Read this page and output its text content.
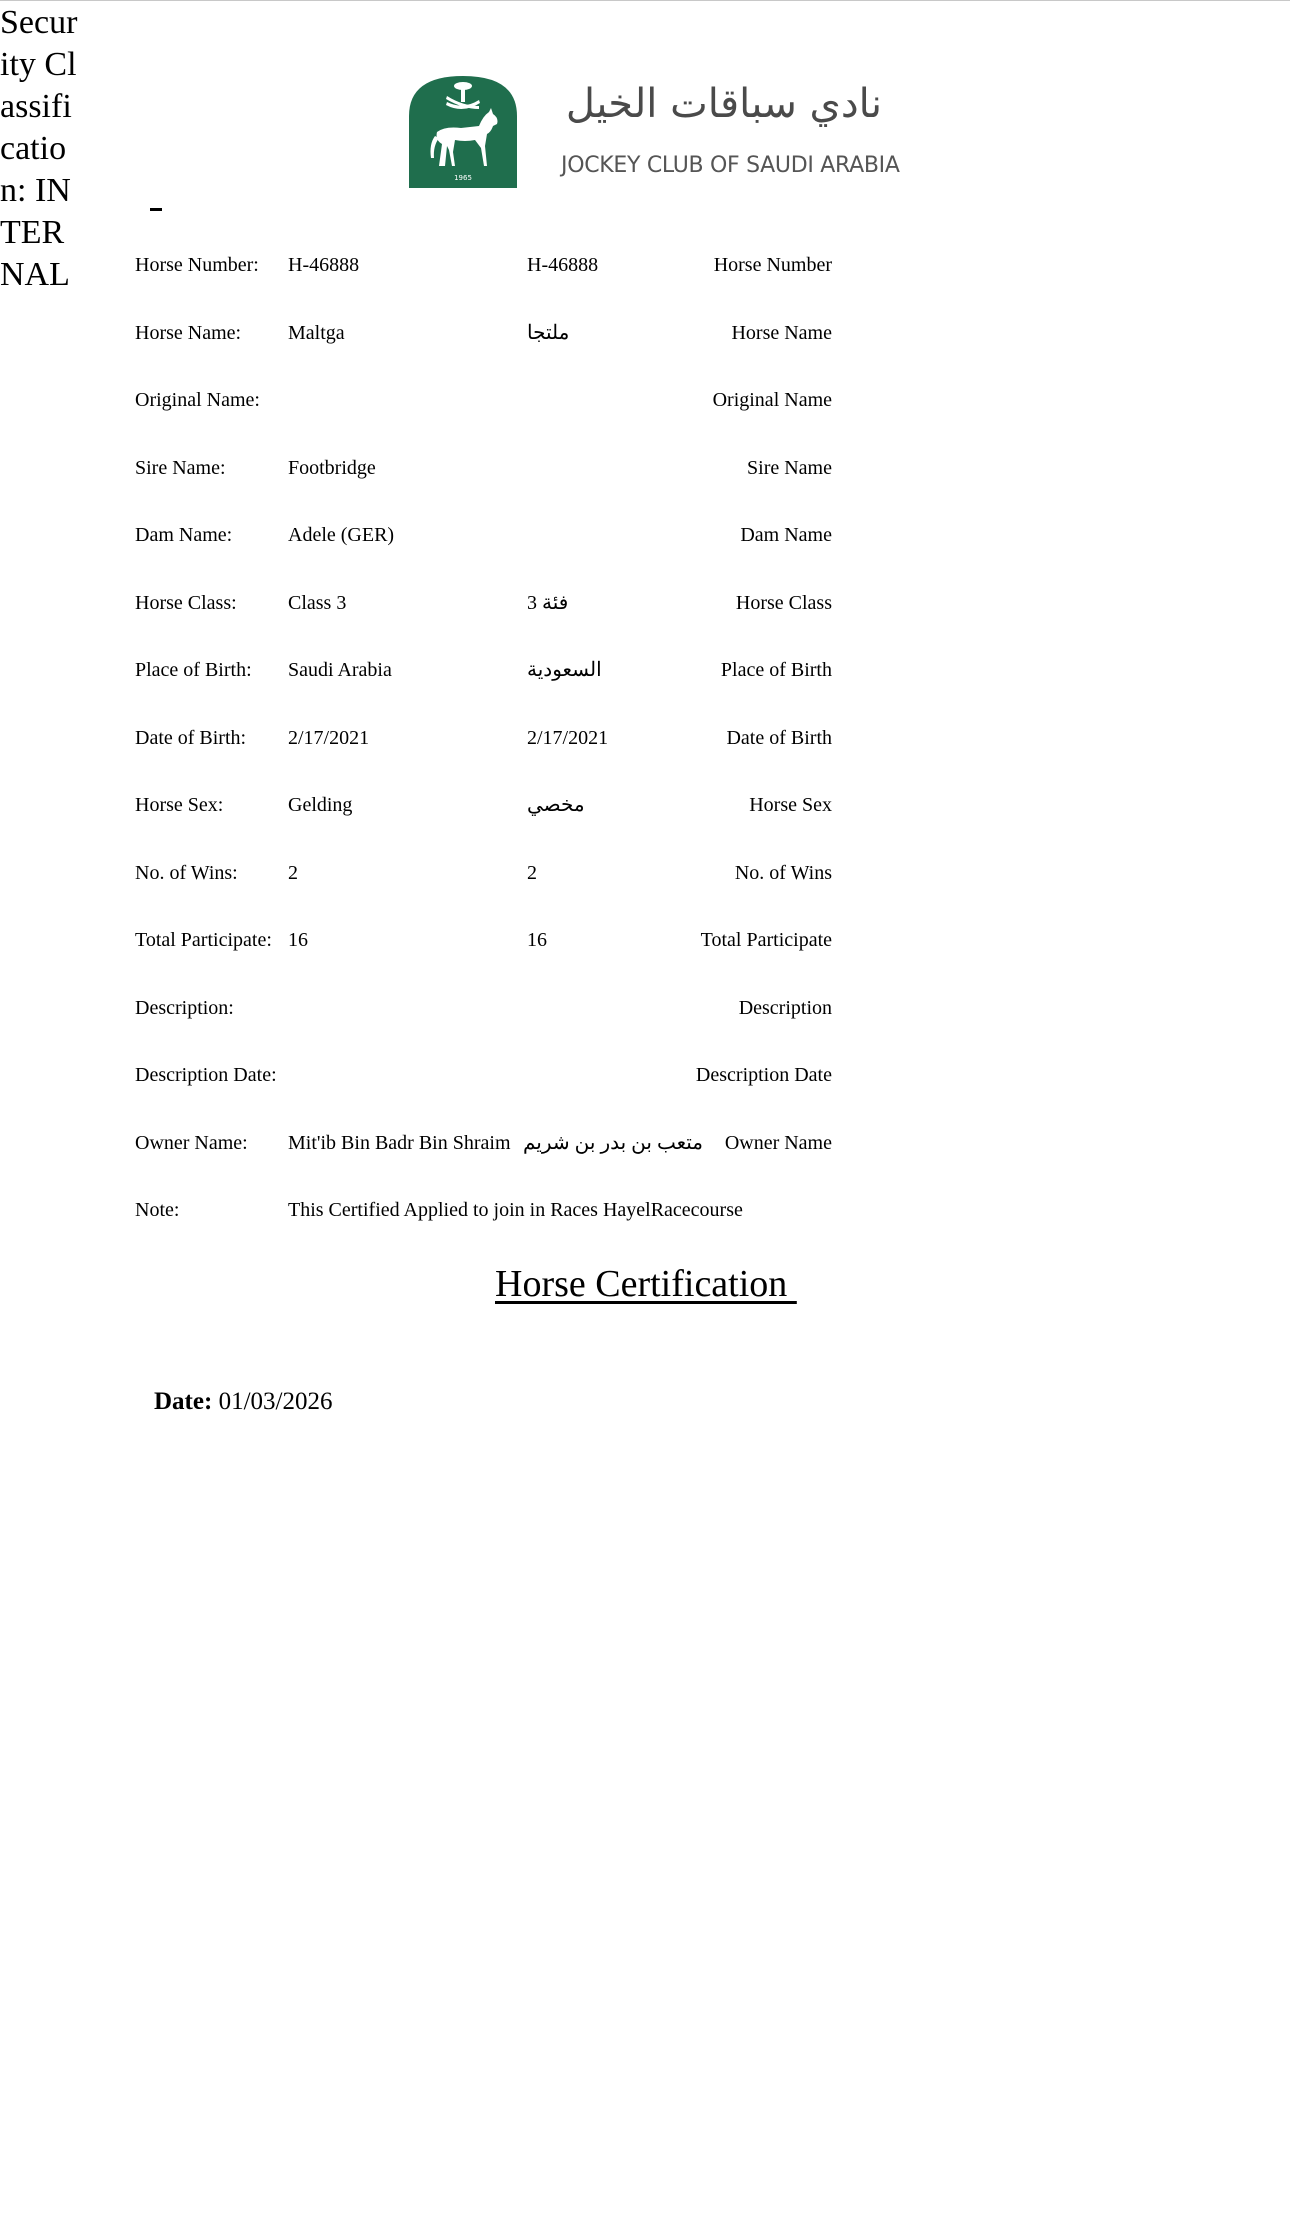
Security Classification: INTERNAL
1965
نادي سباقات الخيل
JOCKEY CLUB OF SAUDI ARABIA
Horse Number: H-46888	H-46888	Horse Number
Horse Name: Maltga	ملتجا	Horse Name
Original Name:	Original Name
Sire Name:	Footbridge	Sire Name
Dam Name:	Adele (GER)	Dam Name
Horse Class:	Class 3	فئة 3	Horse Class
Place of Birth: Saudi Arabia	السعودية	Place of Birth
Date of Birth: 2/17/2021	2/17/2021	Date of Birth
Horse Sex:	Gelding	مخصي	Horse Sex
No. of Wins:	2	2	No. of Wins
Total Participate: 16	16	Total Participate
Description:	Description
Description Date:	Description Date
Owner Name: Mit'ib Bin Badr Bin Shraim متعب بن بدر بن شريم Owner Name
Note:	This Certified Applied to join in Races HayelRacecourse
Horse Certification
Date: 01/03/2026
